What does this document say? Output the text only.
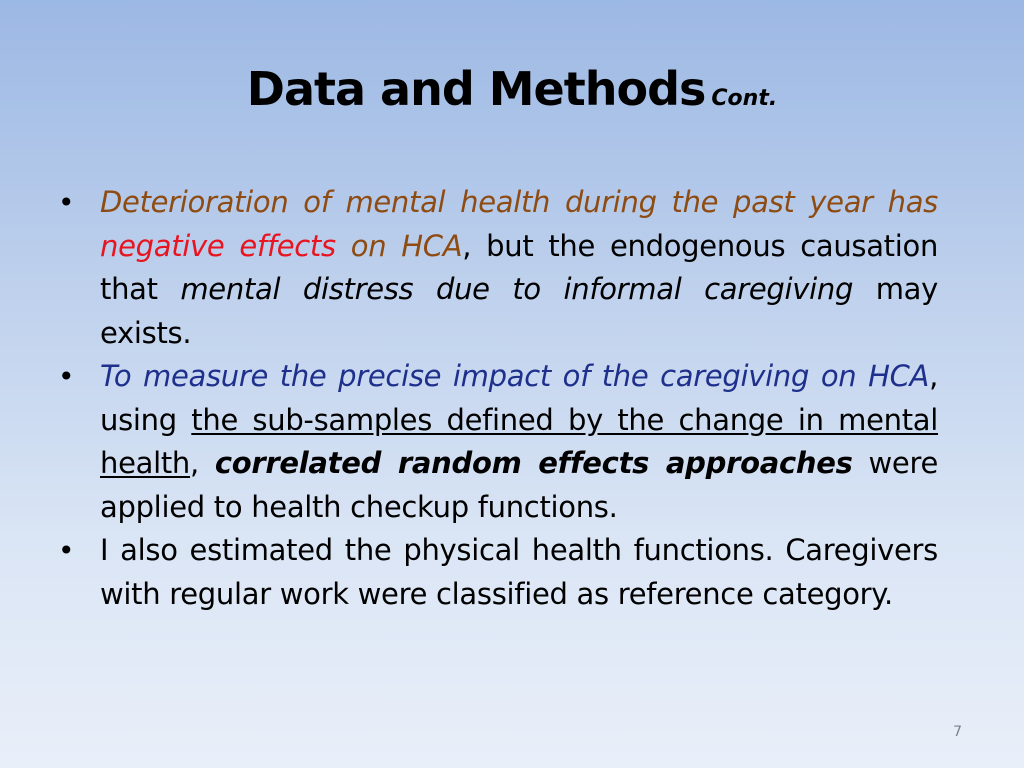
Data and Methods Cont.
• Deterioration of mental health during the past year has negative effects on HCA, but the endogenous causation that mental distress due to informal caregiving may exists.
• To measure the precise impact of the caregiving on HCA, using the sub-samples defined by the change in mental health, correlated random effects approaches were applied to health checkup functions.
• I also estimated the physical health functions. Caregivers with regular work were classified as reference category.
7
